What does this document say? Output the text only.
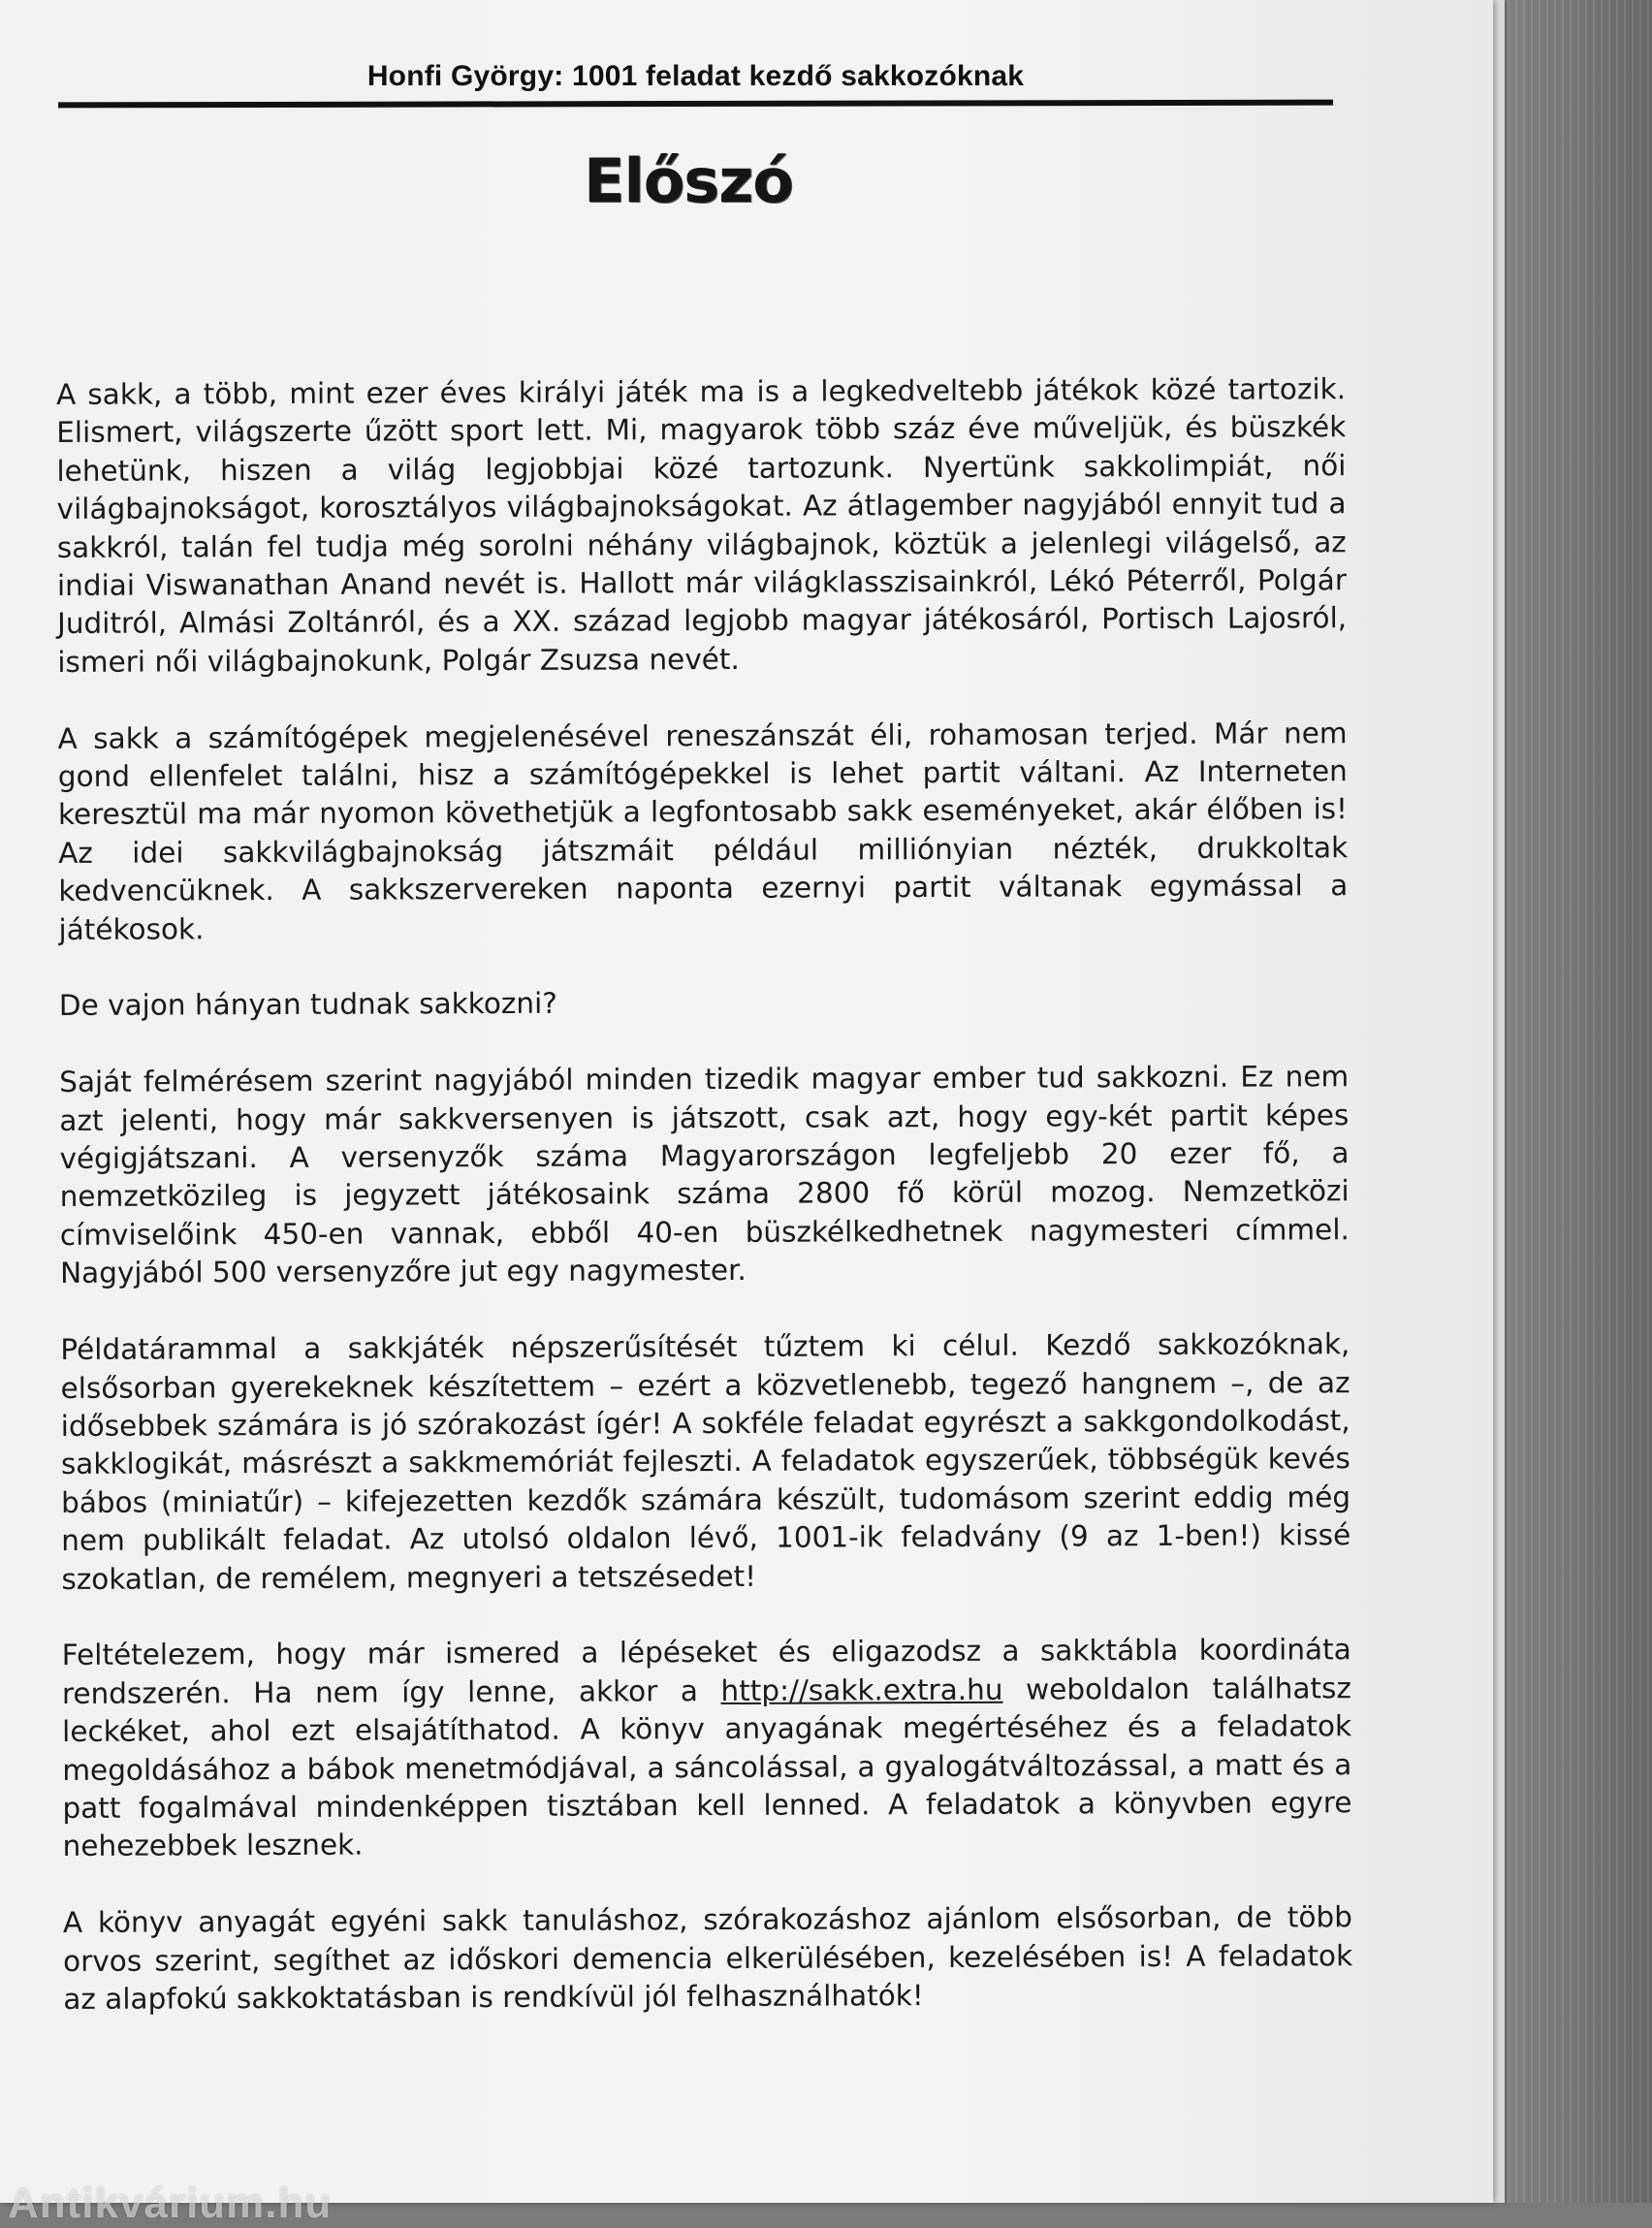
Honfi György: 1001 feladat kezdő sakkozóknak
Előszó

A sakk, a több, mint ezer éves királyi játék ma is a legkedveltebb játékok közé tartozik. Elismert, világszerte űzött sport lett. Mi, magyarok több száz éve műveljük, és büszkék lehetünk, hiszen a világ legjobbjai közé tartozunk. Nyertünk sakkolimpiát, női világbajnokságot, korosztályos világbajnokságokat. Az átlagember nagyjából ennyit tud a sakkról, talán fel tudja még sorolni néhány világbajnok, köztük a jelenlegi világelső, az indiai Viswanathan Anand nevét is. Hallott már világklasszisainkról, Lékó Péterről, Polgár Juditról, Almási Zoltánról, és a XX. század legjobb magyar játékosáról, Portisch Lajosról, ismeri női világbajnokunk, Polgár Zsuzsa nevét.

A sakk a számítógépek megjelenésével reneszánszát éli, rohamosan terjed. Már nem gond ellenfelet találni, hisz a számítógépekkel is lehet partit váltani. Az Interneten keresztül ma már nyomon követhetjük a legfontosabb sakk eseményeket, akár élőben is! Az idei sakkvilágbajnokság játszmáit például milliónyian nézték, drukkoltak kedvencüknek. A sakkszervereken naponta ezernyi partit váltanak egymással a játékosok.

De vajon hányan tudnak sakkozni?

Saját felmérésem szerint nagyjából minden tizedik magyar ember tud sakkozni. Ez nem azt jelenti, hogy már sakkversenyen is játszott, csak azt, hogy egy-két partit képes végigjátszani. A versenyzők száma Magyarországon legfeljebb 20 ezer fő, a nemzetközileg is jegyzett játékosaink száma 2800 fő körül mozog. Nemzetközi címviselőink 450-en vannak, ebből 40-en büszkélkedhetnek nagymesteri címmel. Nagyjából 500 versenyzőre jut egy nagymester.

Példatárammal a sakkjáték népszerűsítését tűztem ki célul. Kezdő sakkozóknak, elsősorban gyerekeknek készítettem – ezért a közvetlenebb, tegező hangnem –, de az idősebbek számára is jó szórakozást ígér! A sokféle feladat egyrészt a sakkgondolkodást, sakklogikát, másrészt a sakkmemóriát fejleszti. A feladatok egyszerűek, többségük kevés bábos (miniatűr) – kifejezetten kezdők számára készült, tudomásom szerint eddig még nem publikált feladat. Az utolsó oldalon lévő, 1001-ik feladvány (9 az 1-ben!) kissé szokatlan, de remélem, megnyeri a tetszésedet!

Feltételezem, hogy már ismered a lépéseket és eligazodsz a sakktábla koordináta rendszerén. Ha nem így lenne, akkor a http://sakk.extra.hu weboldalon találhatsz leckéket, ahol ezt elsajátíthatod. A könyv anyagának megértéséhez és a feladatok megoldásához a bábok menetmódjával, a sáncolással, a gyalogátváltozással, a matt és a patt fogalmával mindenképpen tisztában kell lenned. A feladatok a könyvben egyre nehezebbek lesznek.

A könyv anyagát egyéni sakk tanuláshoz, szórakozáshoz ajánlom elsősorban, de több orvos szerint, segíthet az időskori demencia elkerülésében, kezelésében is! A feladatok az alapfokú sakkoktatásban is rendkívül jól felhasználhatók!

Antikvárium.hu
